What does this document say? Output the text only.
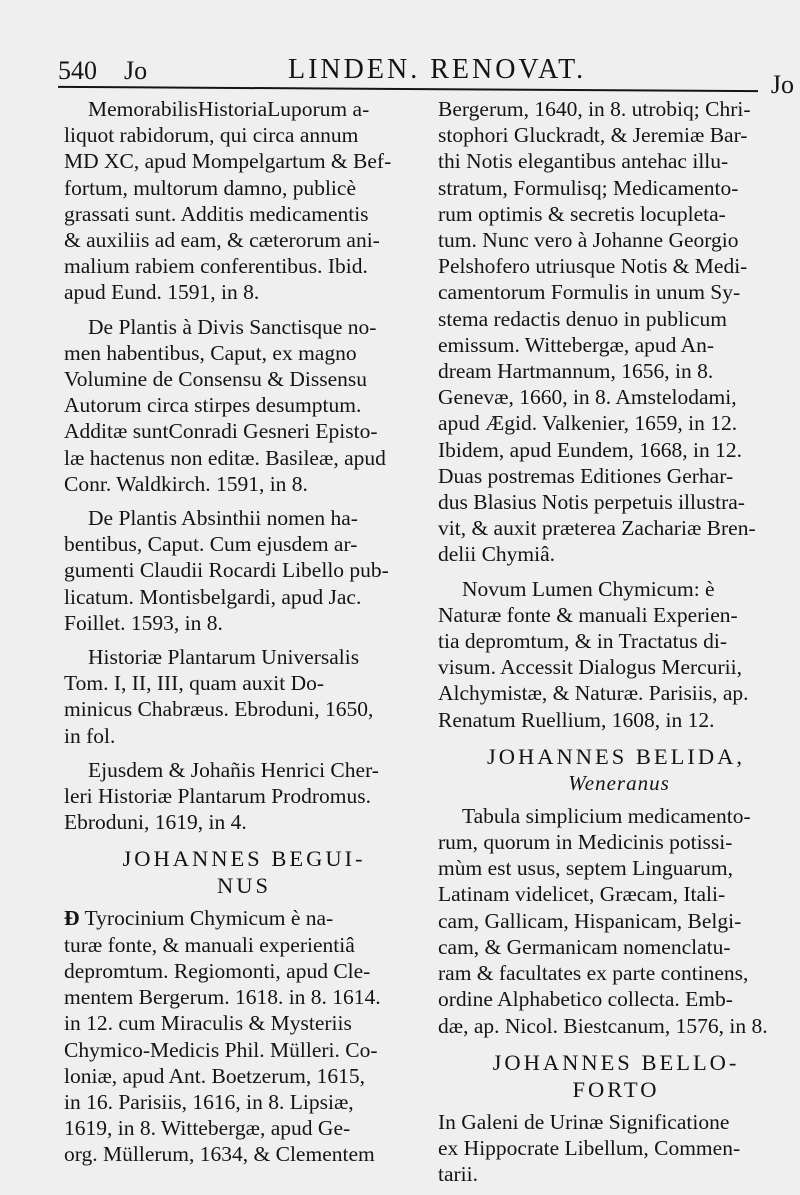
540 Jo	LINDEN. RENOVAT.	Jo

MemorabilisHistoriaLuporum a-
liquot rabidorum, qui circa annum
MD XC, apud Mompelgartum & Bef-
fortum, multorum damno, publicè
grassati sunt. Additis medicamentis
& auxiliis ad eam, & cæterorum ani-
malium rabiem conferentibus. Ibid.
apud Eund. 1591, in 8.

De Plantis à Divis Sanctisque no-
men habentibus, Caput, ex magno
Volumine de Consensu & Dissensu
Autorum circa stirpes desumptum.
Additæ suntConradi Gesneri Episto-
læ hactenus non editæ. Basileæ, apud
Conr. Waldkirch. 1591, in 8.

De Plantis Absinthii nomen ha-
bentibus, Caput. Cum ejusdem ar-
gumenti Claudii Rocardi Libello pub-
licatum. Montisbelgardi, apud Jac.
Foillet. 1593, in 8.

Historiæ Plantarum Universalis
Tom. I, II, III, quam auxit Do-
minicus Chabræus. Ebroduni, 1650,
in fol.

Ejusdem & Johañis Henrici Cher-
leri Historiæ Plantarum Prodromus.
Ebroduni, 1619, in 4.

JOHANNES BEGUI-
NUS

Ɖ Tyrocinium Chymicum è na-
turæ fonte, & manuali experientiâ
depromtum. Regiomonti, apud Cle-
mentem Bergerum. 1618. in 8. 1614.
in 12. cum Miraculis & Mysteriis
Chymico-Medicis Phil. Mülleri. Co-
loniæ, apud Ant. Boetzerum, 1615,
in 16. Parisiis, 1616, in 8. Lipsiæ,
1619, in 8. Wittebergæ, apud Ge-
org. Müllerum, 1634, & Clementem

Bergerum, 1640, in 8. utrobiq; Chri-
stophori Gluckradt, & Jeremiæ Bar-
thi Notis elegantibus antehac illu-
stratum, Formulisq; Medicamento-
rum optimis & secretis locupleta-
tum. Nunc vero à Johanne Georgio
Pelshofero utriusque Notis & Medi-
camentorum Formulis in unum Sy-
stema redactis denuo in publicum
emissum. Wittebergæ, apud An-
dream Hartmannum, 1656, in 8.
Genevæ, 1660, in 8. Amstelodami,
apud Ægid. Valkenier, 1659, in 12.
Ibidem, apud Eundem, 1668, in 12.
Duas postremas Editiones Gerhar-
dus Blasius Notis perpetuis illustra-
vit, & auxit præterea Zachariæ Bren-
delii Chymiâ.

Novum Lumen Chymicum: è
Naturæ fonte & manuali Experien-
tia depromtum, & in Tractatus di-
visum. Accessit Dialogus Mercurii,
Alchymistæ, & Naturæ. Parisiis, ap.
Renatum Ruellium, 1608, in 12.

JOHANNES BELIDA,
Weneranus

Tabula simplicium medicamento-
rum, quorum in Medicinis potissi-
mùm est usus, septem Linguarum,
Latinam videlicet, Græcam, Itali-
cam, Gallicam, Hispanicam, Belgi-
cam, & Germanicam nomenclatu-
ram & facultates ex parte continens,
ordine Alphabetico collecta. Emb-
dæ, ap. Nicol. Biestcanum, 1576, in 8.

JOHANNES BELLO-
FORTO

In Galeni de Urinæ Significatione
ex Hippocrate Libellum, Commen-
tarii.
